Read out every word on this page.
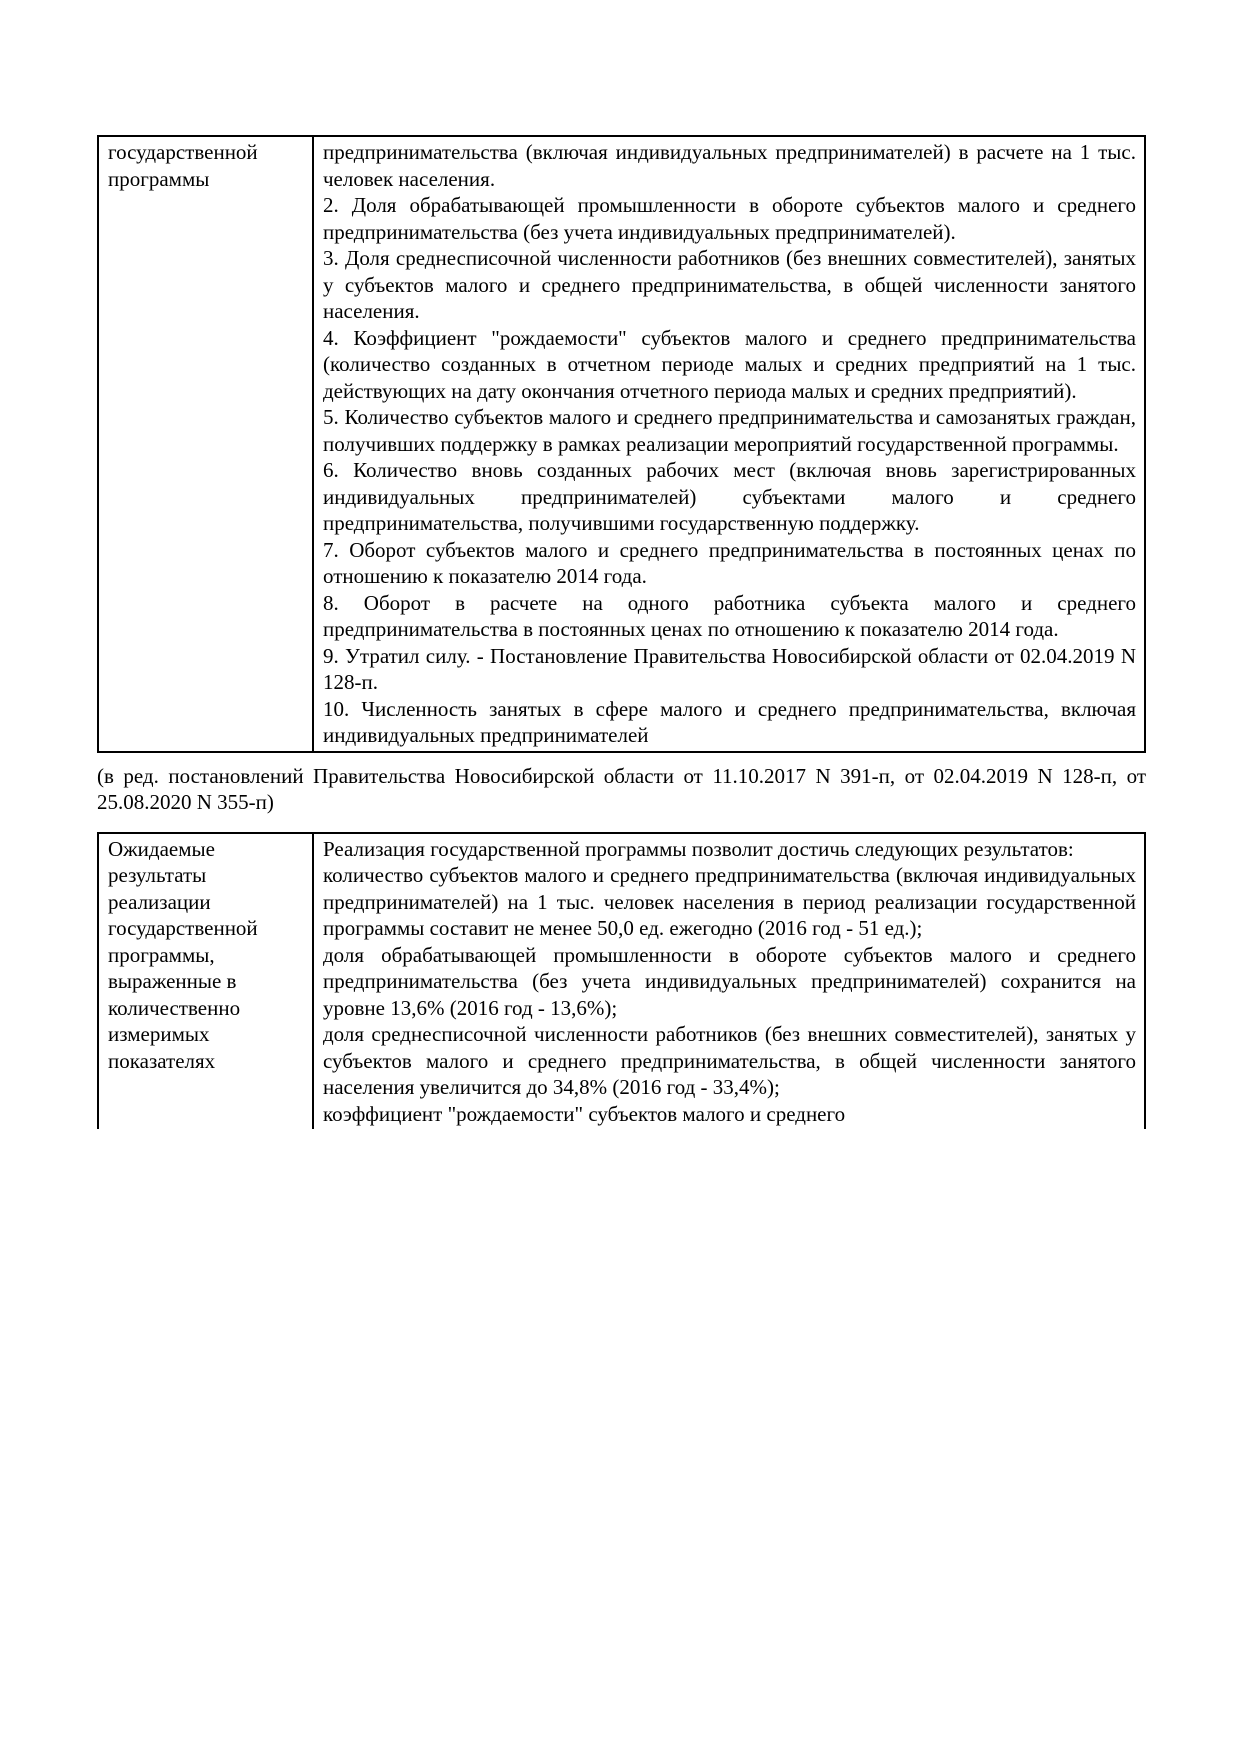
государственной программы

предпринимательства (включая индивидуальных предпринимателей) в расчете на 1 тыс. человек населения.

2. Доля обрабатывающей промышленности в обороте субъектов малого и среднего предпринимательства (без учета индивидуальных предпринимателей).

3. Доля среднесписочной численности работников (без внешних совместителей), занятых у субъектов малого и среднего предпринимательства, в общей численности занятого населения.

4. Коэффициент "рождаемости" субъектов малого и среднего предпринимательства (количество созданных в отчетном периоде малых и средних предприятий на 1 тыс. действующих на дату окончания отчетного периода малых и средних предприятий).

5. Количество субъектов малого и среднего предпринимательства и самозанятых граждан, получивших поддержку в рамках реализации мероприятий государственной программы.

6. Количество вновь созданных рабочих мест (включая вновь зарегистрированных индивидуальных предпринимателей) субъектами малого и среднего предпринимательства, получившими государственную поддержку.

7. Оборот субъектов малого и среднего предпринимательства в постоянных ценах по отношению к показателю 2014 года.

8. Оборот в расчете на одного работника субъекта малого и среднего предпринимательства в постоянных ценах по отношению к показателю 2014 года.

9. Утратил силу. - Постановление Правительства Новосибирской области от 02.04.2019 N 128-п.

10. Численность занятых в сфере малого и среднего предпринимательства, включая индивидуальных предпринимателей

(в ред. постановлений Правительства Новосибирской области от 11.10.2017 N 391-п, от 02.04.2019 N 128-п, от 25.08.2020 N 355-п)

Ожидаемые результаты реализации государственной программы, выраженные в количественно измеримых показателях

Реализация государственной программы позволит достичь следующих результатов:

количество субъектов малого и среднего предпринимательства (включая индивидуальных предпринимателей) на 1 тыс. человек населения в период реализации государственной программы составит не менее 50,0 ед. ежегодно (2016 год - 51 ед.);

доля обрабатывающей промышленности в обороте субъектов малого и среднего предпринимательства (без учета индивидуальных предпринимателей) сохранится на уровне 13,6% (2016 год - 13,6%);

доля среднесписочной численности работников (без внешних совместителей), занятых у субъектов малого и среднего предпринимательства, в общей численности занятого населения увеличится до 34,8% (2016 год - 33,4%);

коэффициент "рождаемости" субъектов малого и среднего
